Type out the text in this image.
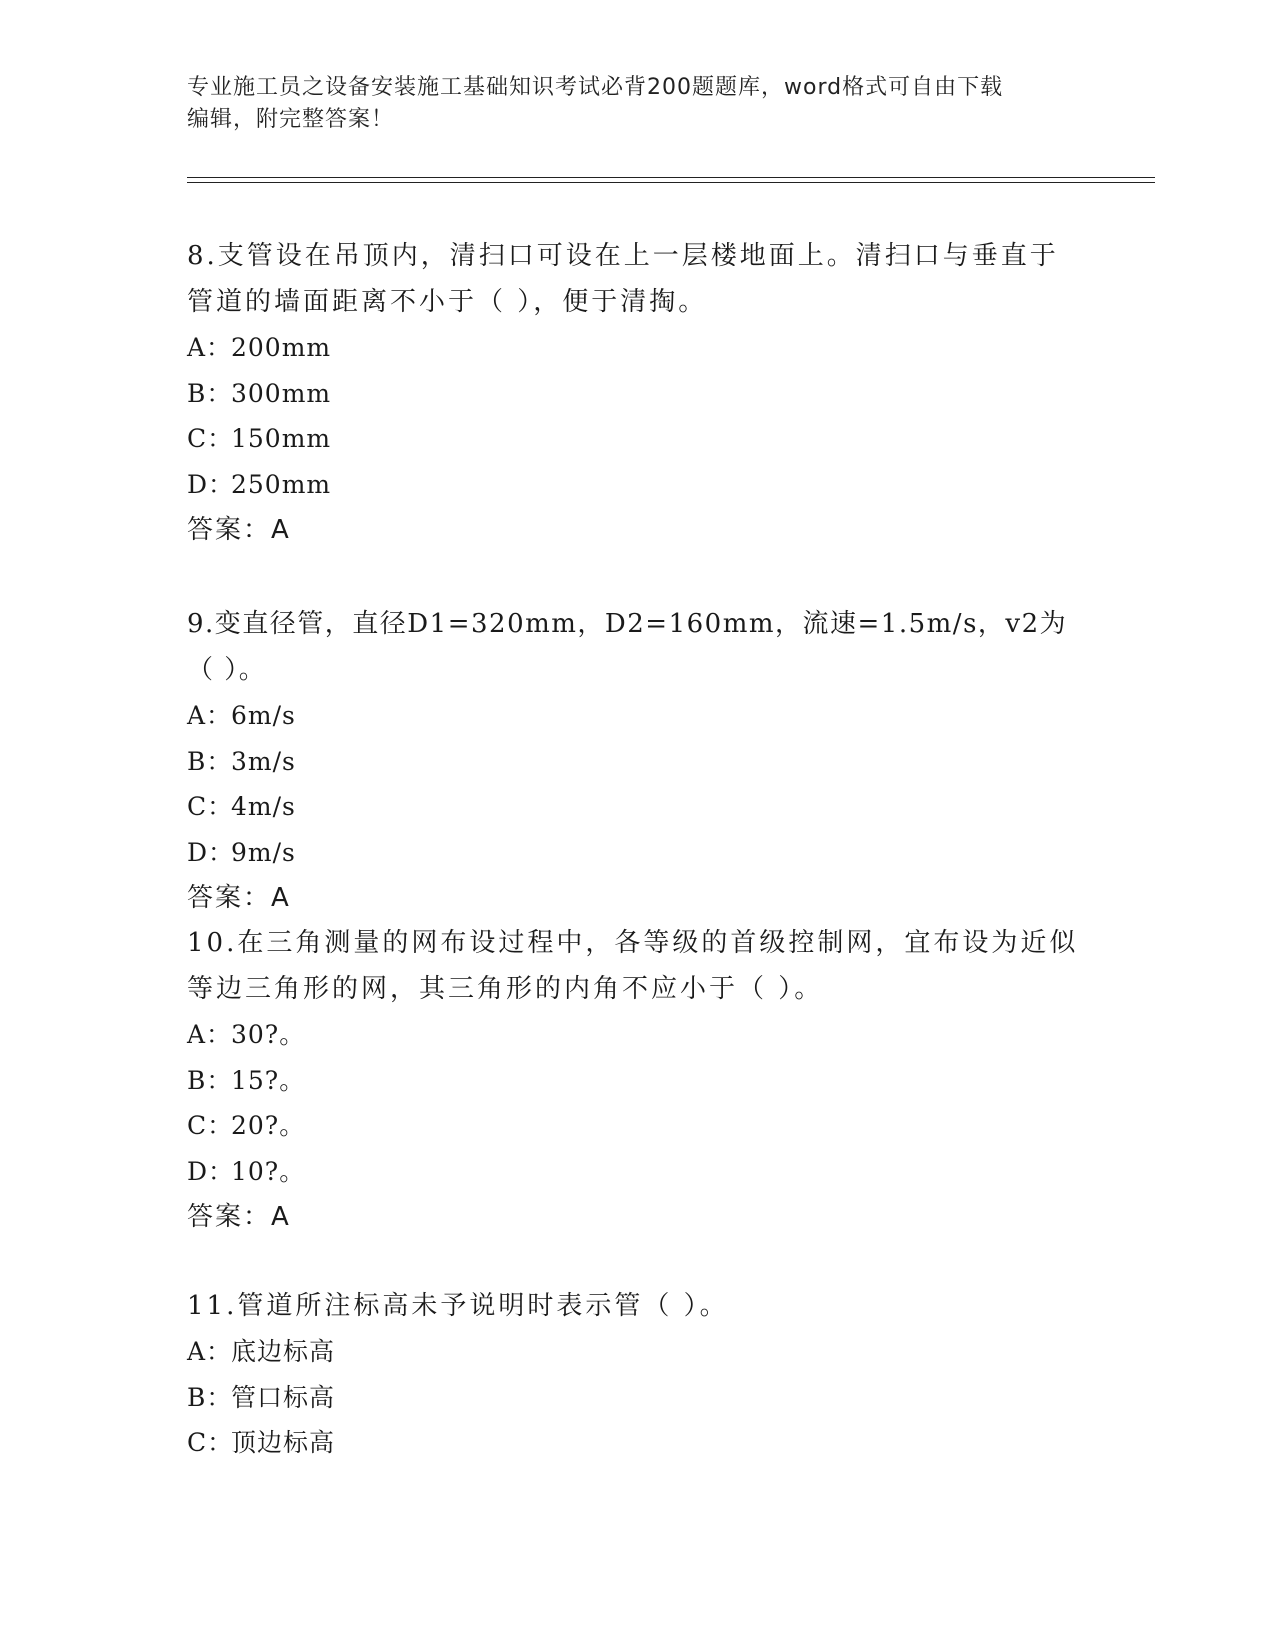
专业施工员之设备安装施工基础知识考试必背200题题库，word格式可自由下载
编辑，附完整答案！

8.支管设在吊顶内，清扫口可设在上一层楼地面上。清扫口与垂直于

管道的墙面距离不小于（ ），便于清掏。

A：
200mm

B：
300mm

C：
150mm

D：
250mm

答案：A

9.变直径管，直径D1=320mm，D2=160mm，流速=1.5m/s，v2为（ ）。

A：
6m/s

B：
3m/s

C：
4m/s

D：
9m/s

答案：A

10.在三角测量的网布设过程中，各等级的首级控制网，宜布设为近似

等边三角形的网，其三角形的内角不应小于（ ）。

A：
30?。

B：
15?。

C：
20?。

D：
10?。

答案：A

11.管道所注标高未予说明时表示管（ ）。

A：
底边标高

B：
管口标高

C：
顶边标高
